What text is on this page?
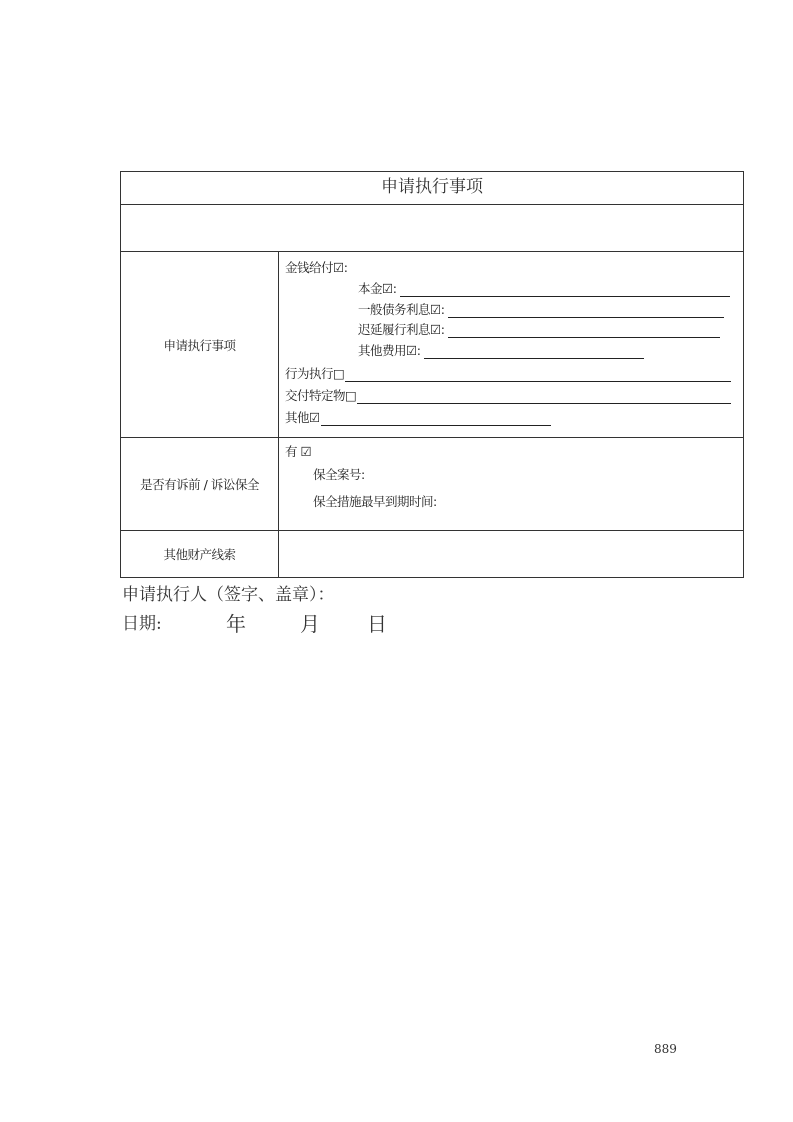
申请执行事项
申请执行事项
金钱给付☑:
本金☑:
一般债务利息☑:
迟延履行利息☑:
其他费用☑:
行为执行□
交付特定物□
其他☑
是否有诉前 / 诉讼保全
有 ☑
保全案号:
保全措施最早到期时间:
其他财产线索
申请执行人（签字、盖章）：
日期:	年	月 日
889
